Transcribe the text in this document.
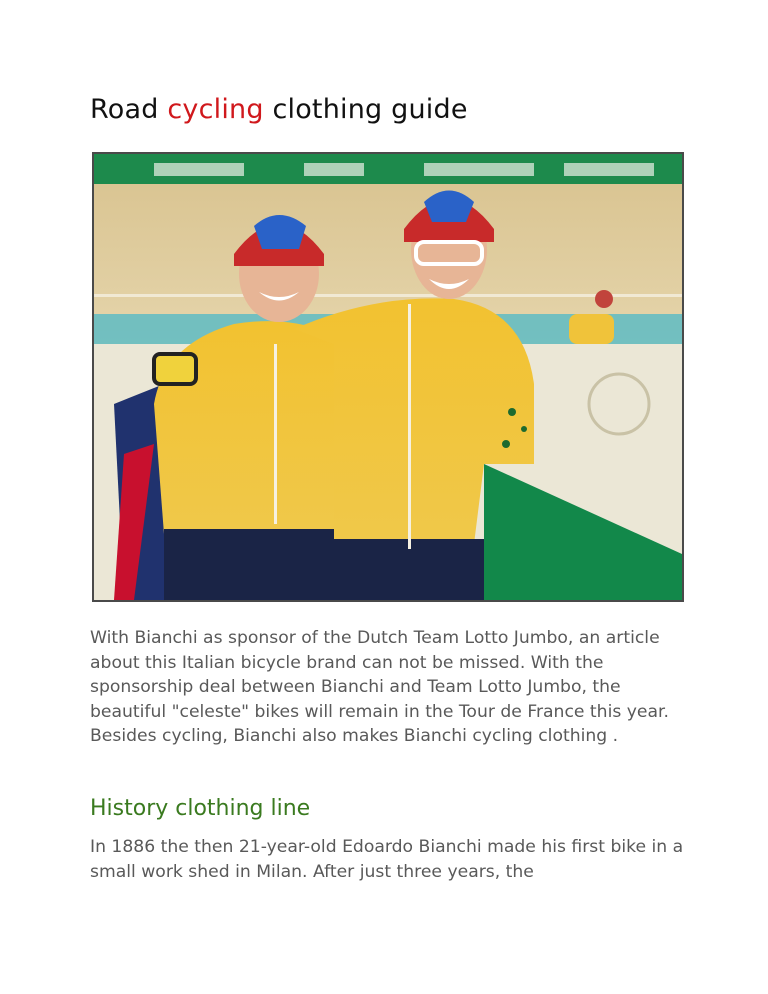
Road cycling clothing guide

With Bianchi as sponsor of the Dutch Team Lotto Jumbo, an article about this Italian bicycle brand can not be missed. With the sponsorship deal between Bianchi and Team Lotto Jumbo, the beautiful "celeste" bikes will remain in the Tour de France this year. Besides cycling, Bianchi also makes Bianchi cycling clothing .

History clothing line

In 1886 the then 21-year-old Edoardo Bianchi made his first bike in a small work shed in Milan. After just three years, the
